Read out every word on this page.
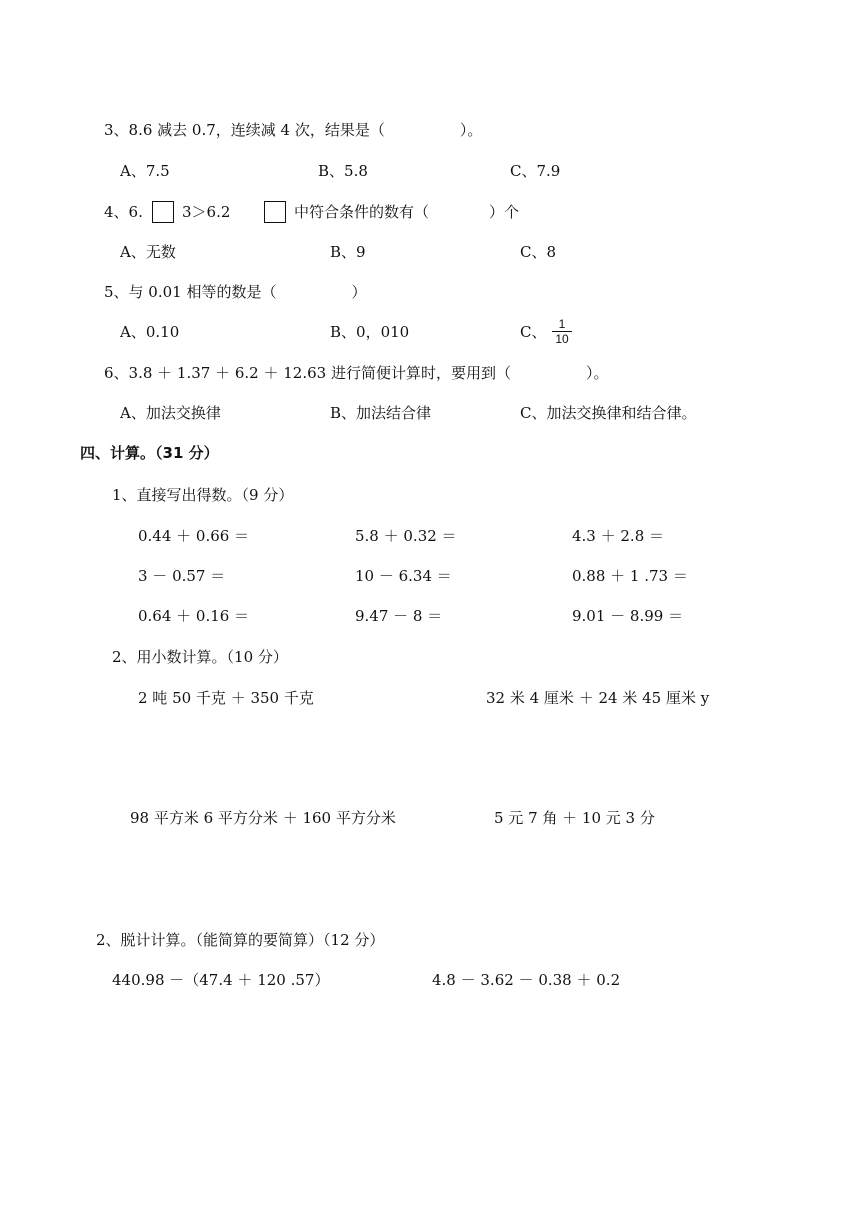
3、8.6 减去 0.7，连续减 4 次，结果是（　　　　　）。
A、7.5	B、5.8	C、7.9
4、6.	3＞6.2	中符合条件的数有（　　　　）个
A、无数	B、9	C、8
5、与 0.01 相等的数是（　　　　　）
A、0.10	B、0，010	C、 1
10
6、3.8 ＋ 1.37 ＋ 6.2 ＋ 12.63 进行简便计算时，要用到（　　　　　）。
A、加法交换律	B、加法结合律	C、加法交换律和结合律。
四、计算。（31 分）
1、直接写出得数。（9 分）
0.44 ＋ 0.66 ＝	5.8 ＋ 0.32 ＝	4.3 ＋ 2.8 ＝
3 － 0.57 ＝	10 － 6.34 ＝	0.88 ＋ 1 .73 ＝
0.64 ＋ 0.16 ＝	9.47 － 8 ＝	9.01 － 8.99 ＝
2、用小数计算。（10 分）
2 吨 50 千克 ＋ 350 千克	32 米 4 厘米 ＋ 24 米 45 厘米 y
98 平方米 6 平方分米 ＋ 160 平方分米	5 元 7 角 ＋ 10 元 3 分
2、脱计计算。（能简算的要简算）（12 分）
440.98 －（47.4 ＋ 120 .57）	4.8 － 3.62 － 0.38 ＋ 0.2
